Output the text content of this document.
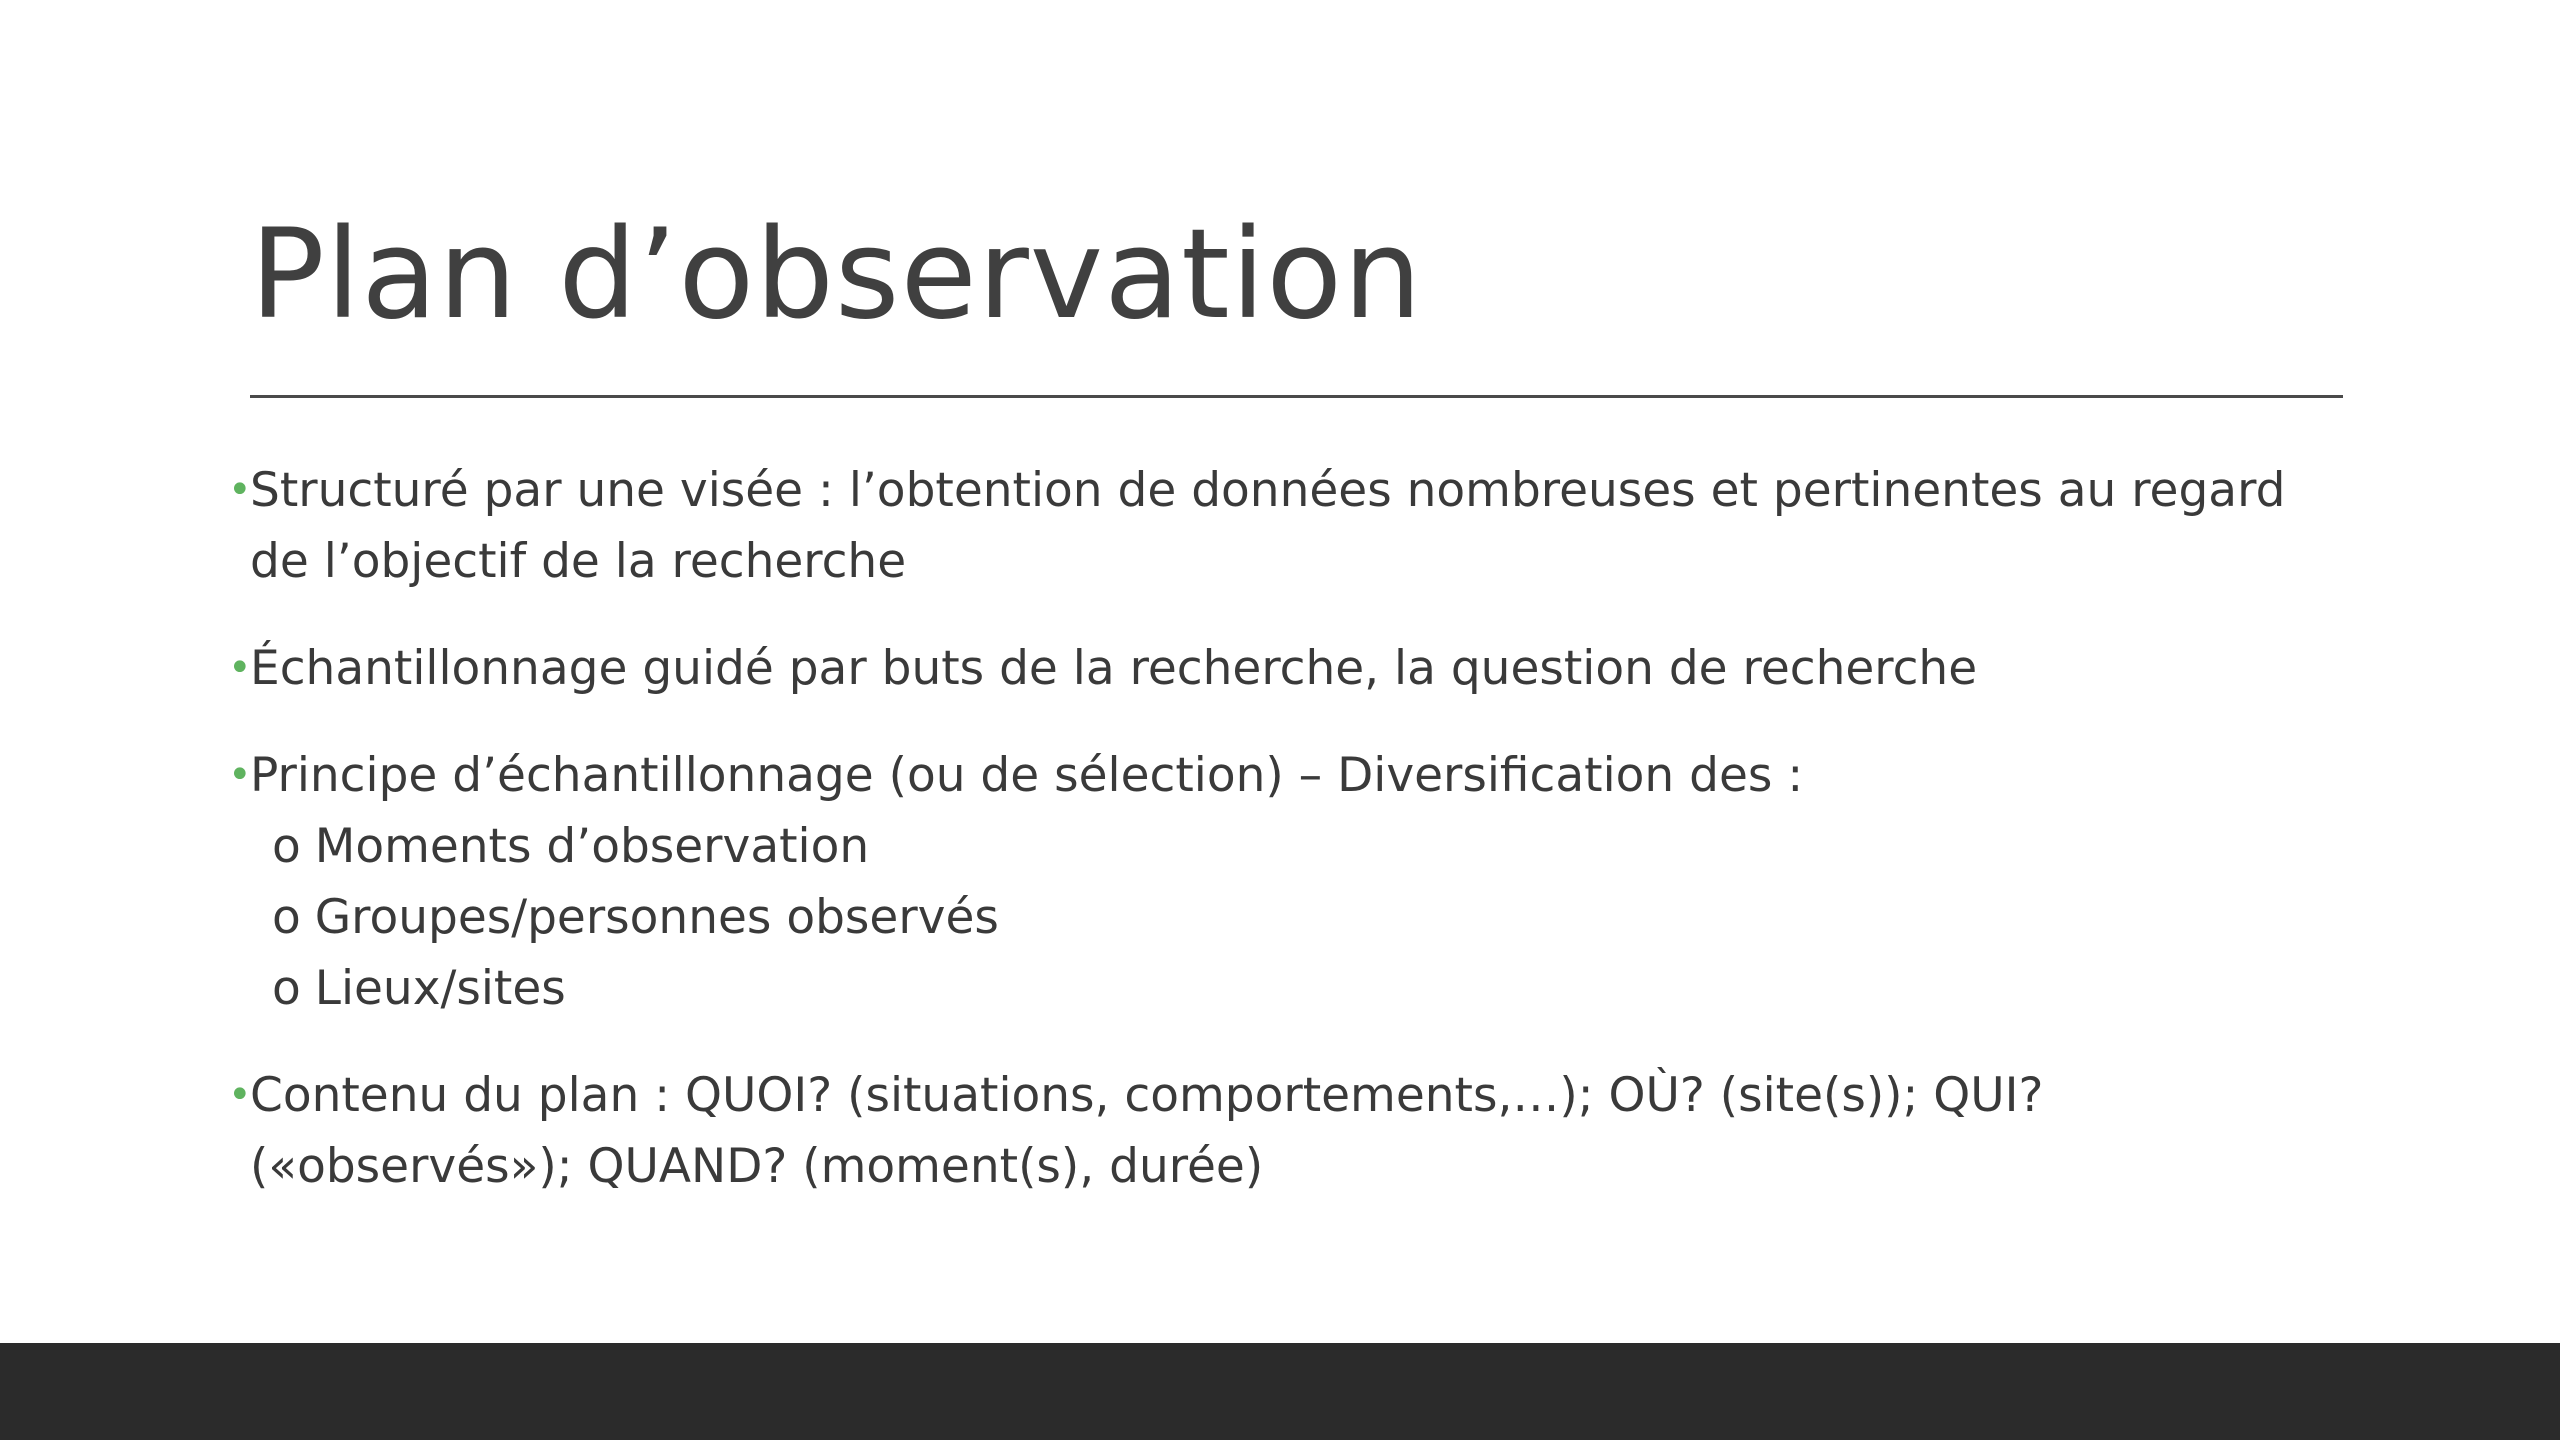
Plan d’observation
•
Structuré par une visée : l’obtention de données nombreuses et pertinentes au regard de l’objectif de la recherche
•
Échantillonnage guidé par buts de la recherche, la question de recherche
•
Principe d’échantillonnage (ou de sélection) – Diversification des :
o Moments d’observation
o Groupes/personnes observés
o Lieux/sites
•
Contenu du plan : QUOI? (situations, comportements,…); OÙ? (site(s)); QUI? («observés»); QUAND? (moment(s), durée)
